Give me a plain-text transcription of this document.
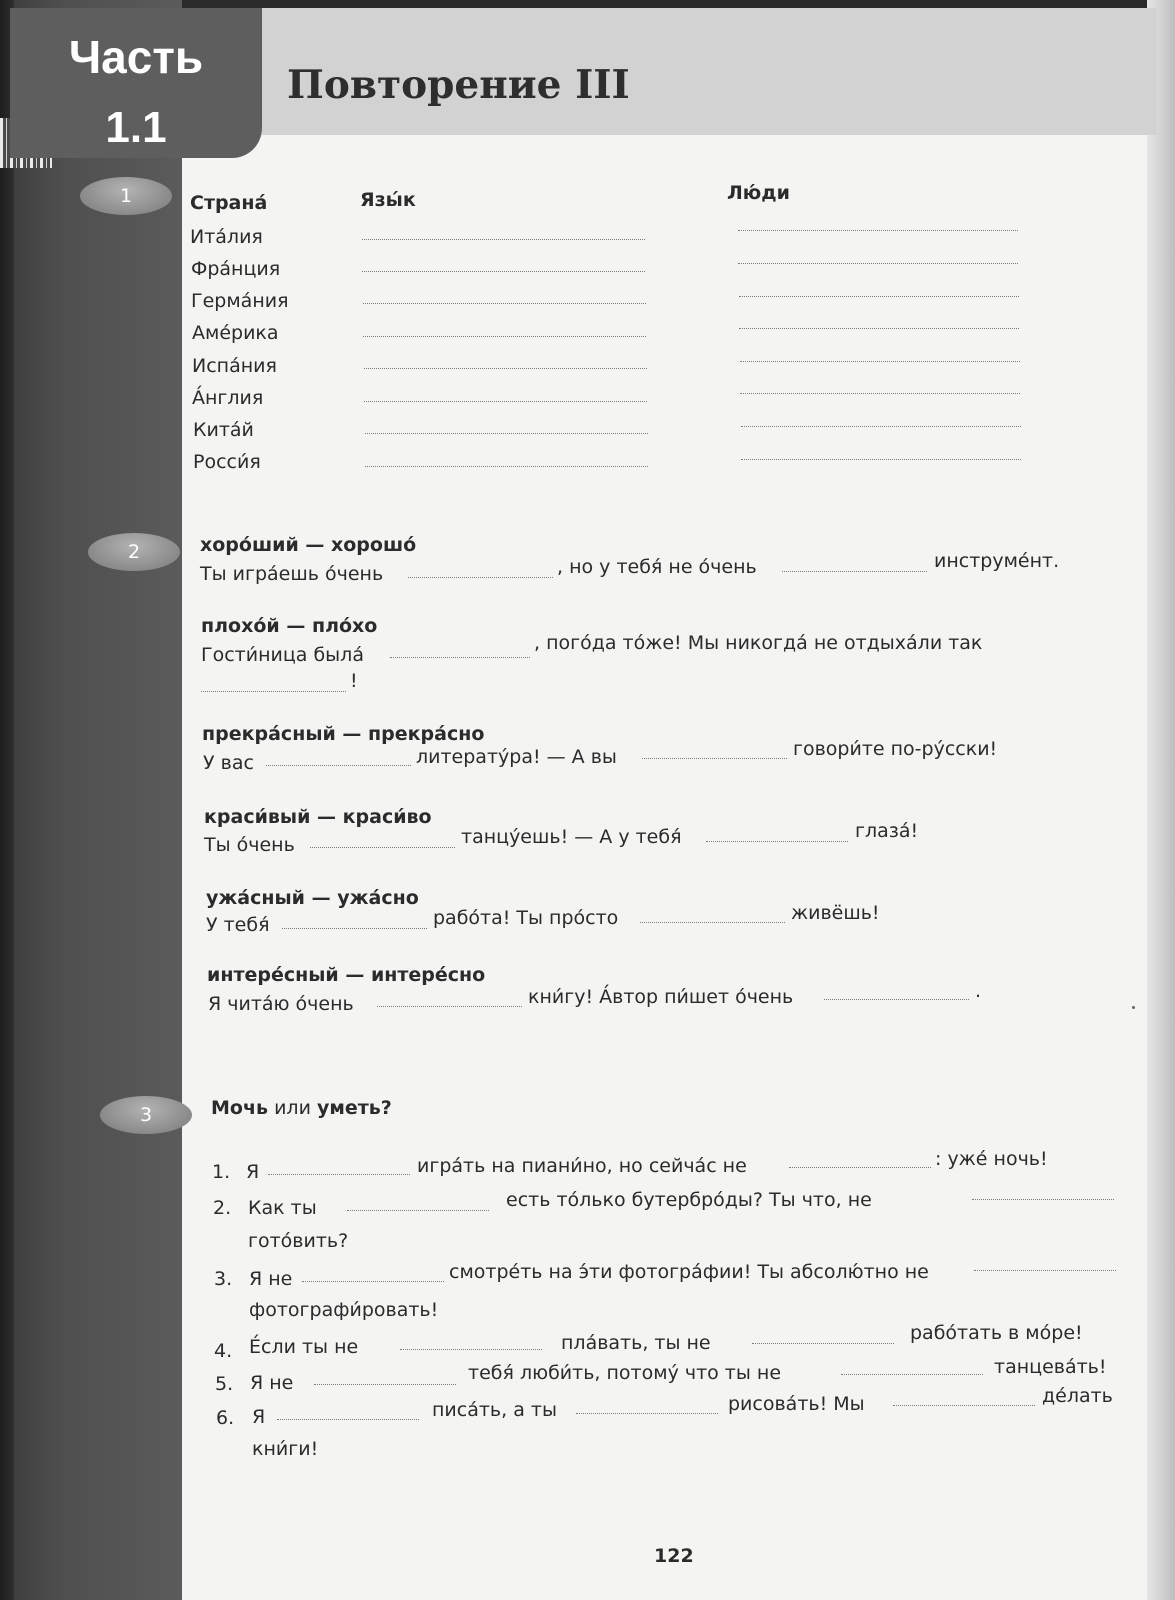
Часть
1.1
Повторение III
1	Страна́	Язы́к	Лю́ди
Ита́лия
Фра́нция
Герма́ния
Аме́рика
Испа́ния
А́нглия
Кита́й
Росси́я
2	хоро́ший — хорошо́
Ты игра́ешь о́чень	, но у тебя́ не о́чень	инструме́нт.
плохо́й — пло́хо
Гости́ница была́
, пого́да то́же! Мы никогда́ не отдыха́ли так
!
прекра́сный — прекра́сно
У вас	литерату́ра! — А вы	говори́те по-ру́сски!
краси́вый — краси́во
Ты о́чень	танцу́ешь! — А у тебя́	глаза́!
ужа́сный — ужа́сно
У тебя́	рабо́та! Ты про́сто	живёшь!
интере́сный — интере́сно
Я чита́ю о́чень	кни́гу! А́втор пи́шет о́чень	.
3	Мочь или уметь?
1. Я	игра́ть на пиани́но, но сейча́с не	: уже́ ночь!
2. Как ты	есть то́лько бутербро́ды? Ты что, не
гото́вить?
3. Я не	смотре́ть на э́ти фотогра́фии! Ты абсолю́тно не
фотографи́ровать!
4. Е́сли ты не	пла́вать, ты не	рабо́тать в мо́ре!
5. Я не	тебя́ люби́ть, потому́ что ты не	танцева́ть!
6. Я	писа́ть, а ты	рисова́ть! Мы	де́лать
кни́ги!
122
